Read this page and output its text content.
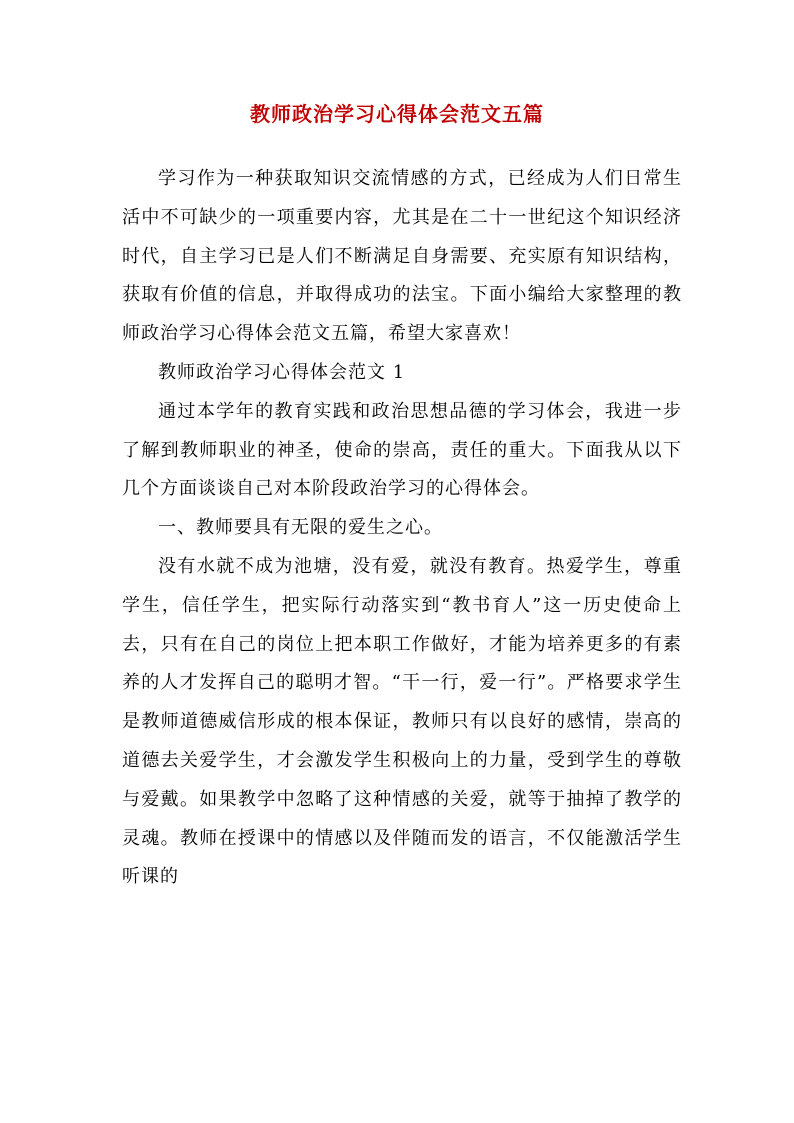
教师政治学习心得体会范文五篇

学习作为一种获取知识交流情感的方式，已经成为人们日常生活中不可缺少的一项重要内容，尤其是在二十一世纪这个知识经济时代，自主学习已是人们不断满足自身需要、充实原有知识结构，获取有价值的信息，并取得成功的法宝。下面小编给大家整理的教师政治学习心得体会范文五篇，希望大家喜欢！

教师政治学习心得体会范文 1

通过本学年的教育实践和政治思想品德的学习体会，我进一步了解到教师职业的神圣，使命的崇高，责任的重大。下面我从以下几个方面谈谈自己对本阶段政治学习的心得体会。

一、教师要具有无限的爱生之心。

没有水就不成为池塘，没有爱，就没有教育。热爱学生，尊重学生，信任学生，把实际行动落实到“教书育人”这一历史使命上去，只有在自己的岗位上把本职工作做好，才能为培养更多的有素养的人才发挥自己的聪明才智。“干一行，爱一行”。严格要求学生是教师道德威信形成的根本保证，教师只有以良好的感情，崇高的道德去关爱学生，才会激发学生积极向上的力量，受到学生的尊敬与爱戴。如果教学中忽略了这种情感的关爱，就等于抽掉了教学的灵魂。教师在授课中的情感以及伴随而发的语言，不仅能激活学生听课的
